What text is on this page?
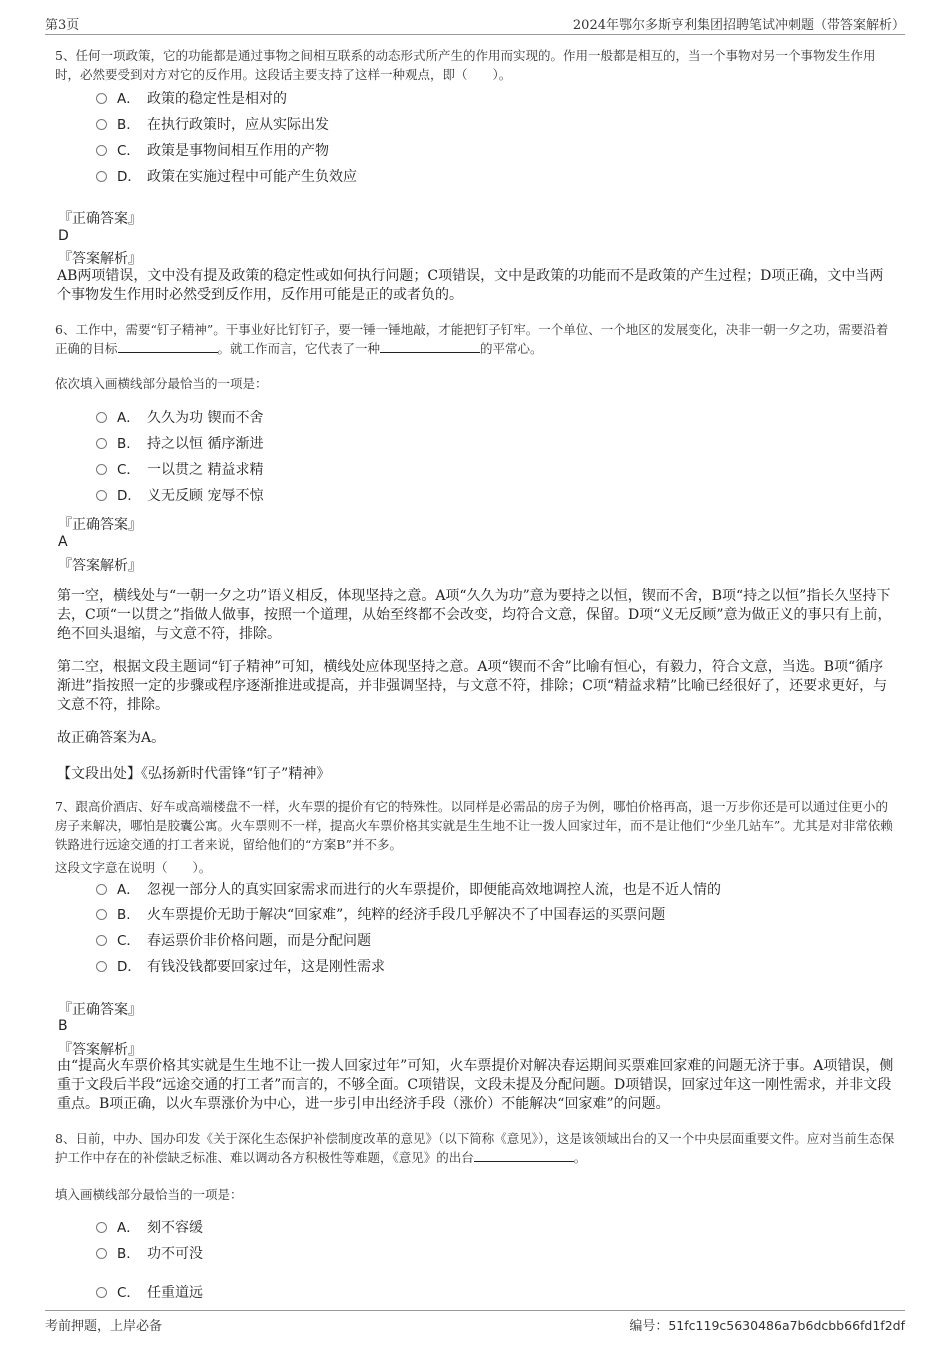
第3页	2024年鄂尔多斯亨利集团招聘笔试冲刺题（带答案解析）
5、任何一项政策，它的功能都是通过事物之间相互联系的动态形式所产生的作用而实现的。作用一般都是相互的，当一个事物对另一个事物发生作用时，必然要受到对方对它的反作用。这段话主要支持了这样一种观点，即（　　）。
A． 政策的稳定性是相对的
B. 在执行政策时，应从实际出发
C． 政策是事物间相互作用的产物
D． 政策在实施过程中可能产生负效应
『正确答案』
D
『答案解析』
AB两项错误，文中没有提及政策的稳定性或如何执行问题；C项错误，文中是政策的功能而不是政策的产生过程；D项正确，文中当两个事物发生作用时必然受到反作用，反作用可能是正的或者负的。
6、工作中，需要“钉子精神”。干事业好比钉钉子，要一锤一锤地敲，才能把钉子钉牢。一个单位、一个地区的发展变化，决非一朝一夕之功，需要沿着正确的目标	。就工作而言，它代表了一种	的平常心。
依次填入画横线部分最恰当的一项是：
A． 久久为功 锲而不舍
B. 持之以恒 循序渐进
C． 一以贯之 精益求精
D． 义无反顾 宠辱不惊
『正确答案』
A
『答案解析』
第一空，横线处与“一朝一夕之功”语义相反，体现坚持之意。A项“久久为功”意为要持之以恒，锲而不舍，B项“持之以恒”指长久坚持下去，C项“一以贯之”指做人做事，按照一个道理，从始至终都不会改变，均符合文意，保留。D项“义无反顾”意为做正义的事只有上前，绝不回头退缩，与文意不符，排除。
第二空，根据文段主题词“钉子精神”可知，横线处应体现坚持之意。A项“锲而不舍”比喻有恒心，有毅力，符合文意，当选。B项“循序渐进”指按照一定的步骤或程序逐渐推进或提高，并非强调坚持，与文意不符，排除；C项“精益求精”比喻已经很好了，还要求更好，与文意不符，排除。
故正确答案为A。
【文段出处】《弘扬新时代雷锋“钉子”精神》
7、跟高价酒店、好车或高端楼盘不一样，火车票的提价有它的特殊性。以同样是必需品的房子为例，哪怕价格再高，退一万步你还是可以通过住更小的房子来解决，哪怕是胶囊公寓。火车票则不一样，提高火车票价格其实就是生生地不让一拨人回家过年，而不是让他们“少坐几站车”。尤其是对非常依赖铁路进行远途交通的打工者来说，留给他们的“方案B”并不多。
这段文字意在说明（　　）。
A． 忽视一部分人的真实回家需求而进行的火车票提价，即便能高效地调控人流，也是不近人情的
B. 火车票提价无助于解决“回家难”，纯粹的经济手段几乎解决不了中国春运的买票问题
C． 春运票价非价格问题，而是分配问题
D． 有钱没钱都要回家过年，这是刚性需求
『正确答案』
B
『答案解析』
由“提高火车票价格其实就是生生地不让一拨人回家过年”可知，火车票提价对解决春运期间买票难回家难的问题无济于事。A项错误，侧重于文段后半段“远途交通的打工者”而言的，不够全面。C项错误，文段未提及分配问题。D项错误，回家过年这一刚性需求，并非文段重点。B项正确，以火车票涨价为中心，进一步引申出经济手段（涨价）不能解决“回家难”的问题。
8、日前，中办、国办印发《关于深化生态保护补偿制度改革的意见》（以下简称《意见》），这是该领域出台的又一个中央层面重要文件。应对当前生态保护工作中存在的补偿缺乏标准、难以调动各方积极性等难题，《意见》的出台	。
填入画横线部分最恰当的一项是：
A． 刻不容缓
B. 功不可没
C． 任重道远
考前押题，上岸必备	编号：51fc119c5630486a7b6dcbb66fd1f2df
